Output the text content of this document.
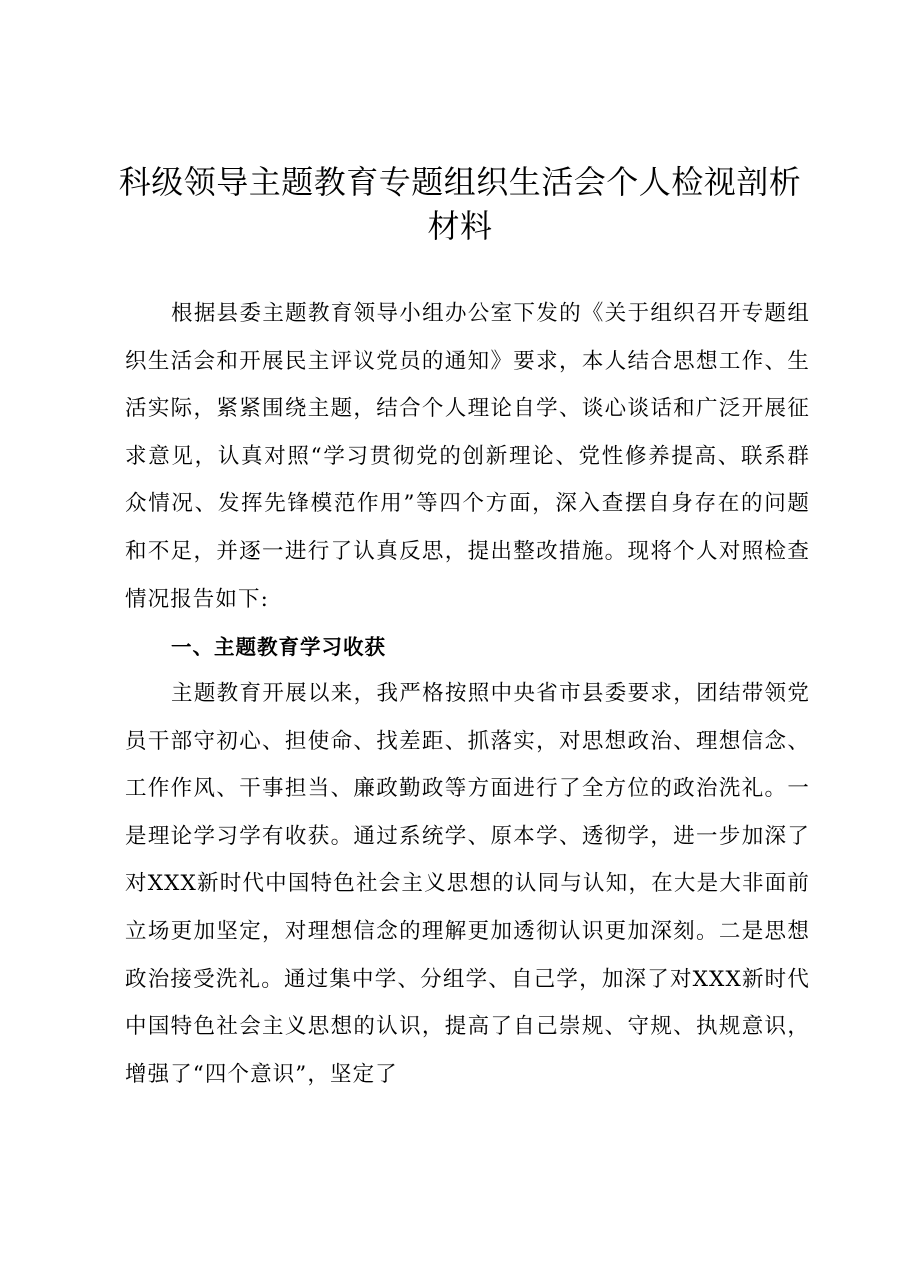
科级领导主题教育专题组织生活会个人检视剖析
材料

根据县委主题教育领导小组办公室下发的《关于组织召开专题组织生活会和开展民主评议党员的通知》要求，本人结合思想工作、生活实际，紧紧围绕主题，结合个人理论自学、谈心谈话和广泛开展征求意见，认真对照“学习贯彻党的创新理论、党性修养提高、联系群众情况、发挥先锋模范作用”等四个方面，深入查摆自身存在的问题和不足，并逐一进行了认真反思，提出整改措施。现将个人对照检查情况报告如下:

一、主题教育学习收获

主题教育开展以来，我严格按照中央省市县委要求，团结带领党员干部守初心、担使命、找差距、抓落实，对思想政治、理想信念、工作作风、干事担当、廉政勤政等方面进行了全方位的政治洗礼。一是理论学习学有收获。通过系统学、原本学、透彻学，进一步加深了对XXX新时代中国特色社会主义思想的认同与认知，在大是大非面前立场更加坚定，对理想信念的理解更加透彻认识更加深刻。二是思想政治接受洗礼。通过集中学、分组学、自己学，加深了对XXX新时代中国特色社会主义思想的认识，提高了自己崇规、守规、执规意识，增强了“四个意识”，坚定了
